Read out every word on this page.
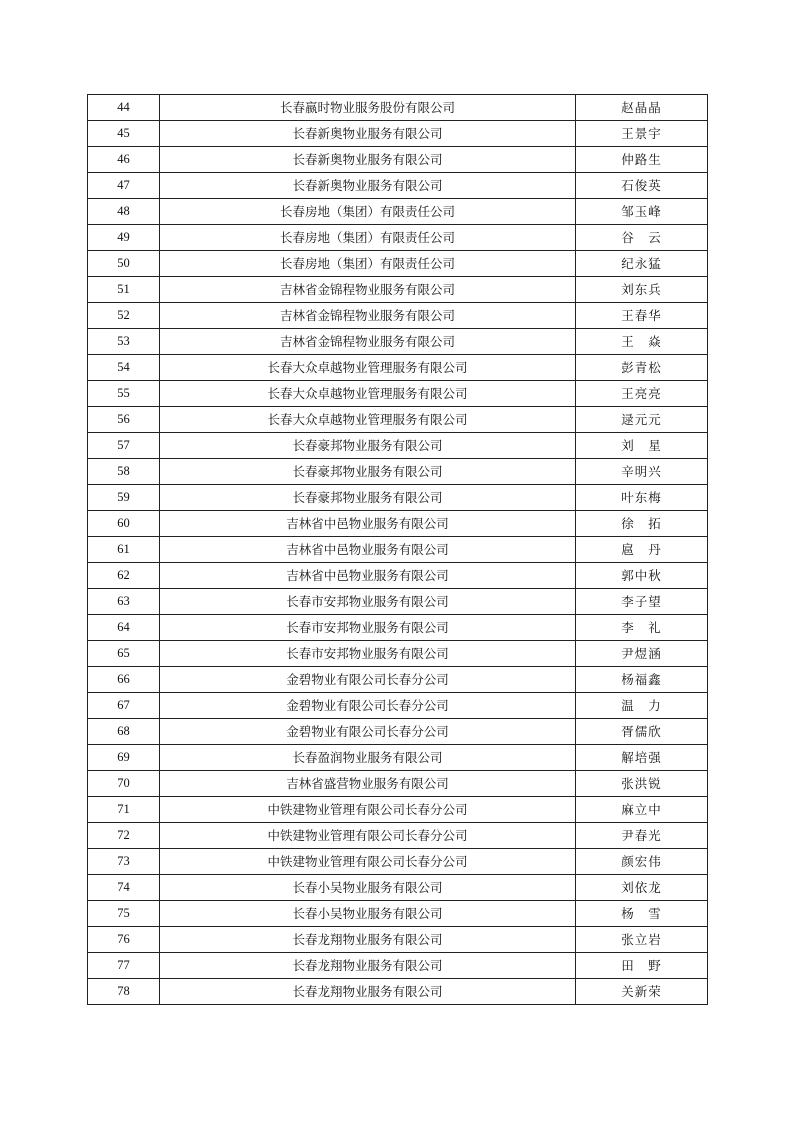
44	长春嬴时物业服务股份有限公司	赵晶晶
45	长春新奥物业服务有限公司	王景宇
46	长春新奥物业服务有限公司	仲路生
47	长春新奥物业服务有限公司	石俊英
48	长春房地（集团）有限责任公司	邹玉峰
49	长春房地（集团）有限责任公司	谷　云
50	长春房地（集团）有限责任公司	纪永猛
51	吉林省金锦程物业服务有限公司	刘东兵
52	吉林省金锦程物业服务有限公司	王春华
53	吉林省金锦程物业服务有限公司	王　焱
54	长春大众卓越物业管理服务有限公司	彭青松
55	长春大众卓越物业管理服务有限公司	王亮亮
56	长春大众卓越物业管理服务有限公司	逯元元
57	长春豪邦物业服务有限公司	刘　星
58	长春豪邦物业服务有限公司	辛明兴
59	长春豪邦物业服务有限公司	叶东梅
60	吉林省中邑物业服务有限公司	徐　拓
61	吉林省中邑物业服务有限公司	扈　丹
62	吉林省中邑物业服务有限公司	郭中秋
63	长春市安邦物业服务有限公司	李子望
64	长春市安邦物业服务有限公司	李　礼
65	长春市安邦物业服务有限公司	尹煜涵
66	金碧物业有限公司长春分公司	杨福鑫
67	金碧物业有限公司长春分公司	温　力
68	金碧物业有限公司长春分公司	胥儒欣
69	长春盈润物业服务有限公司	解培强
70	吉林省盛营物业服务有限公司	张洪锐
71	中铁建物业管理有限公司长春分公司	麻立中
72	中铁建物业管理有限公司长春分公司	尹春光
73	中铁建物业管理有限公司长春分公司	颜宏伟
74	长春小吴物业服务有限公司	刘依龙
75	长春小吴物业服务有限公司	杨　雪
76	长春龙翔物业服务有限公司	张立岩
77	长春龙翔物业服务有限公司	田　野
78	长春龙翔物业服务有限公司	关新荣
